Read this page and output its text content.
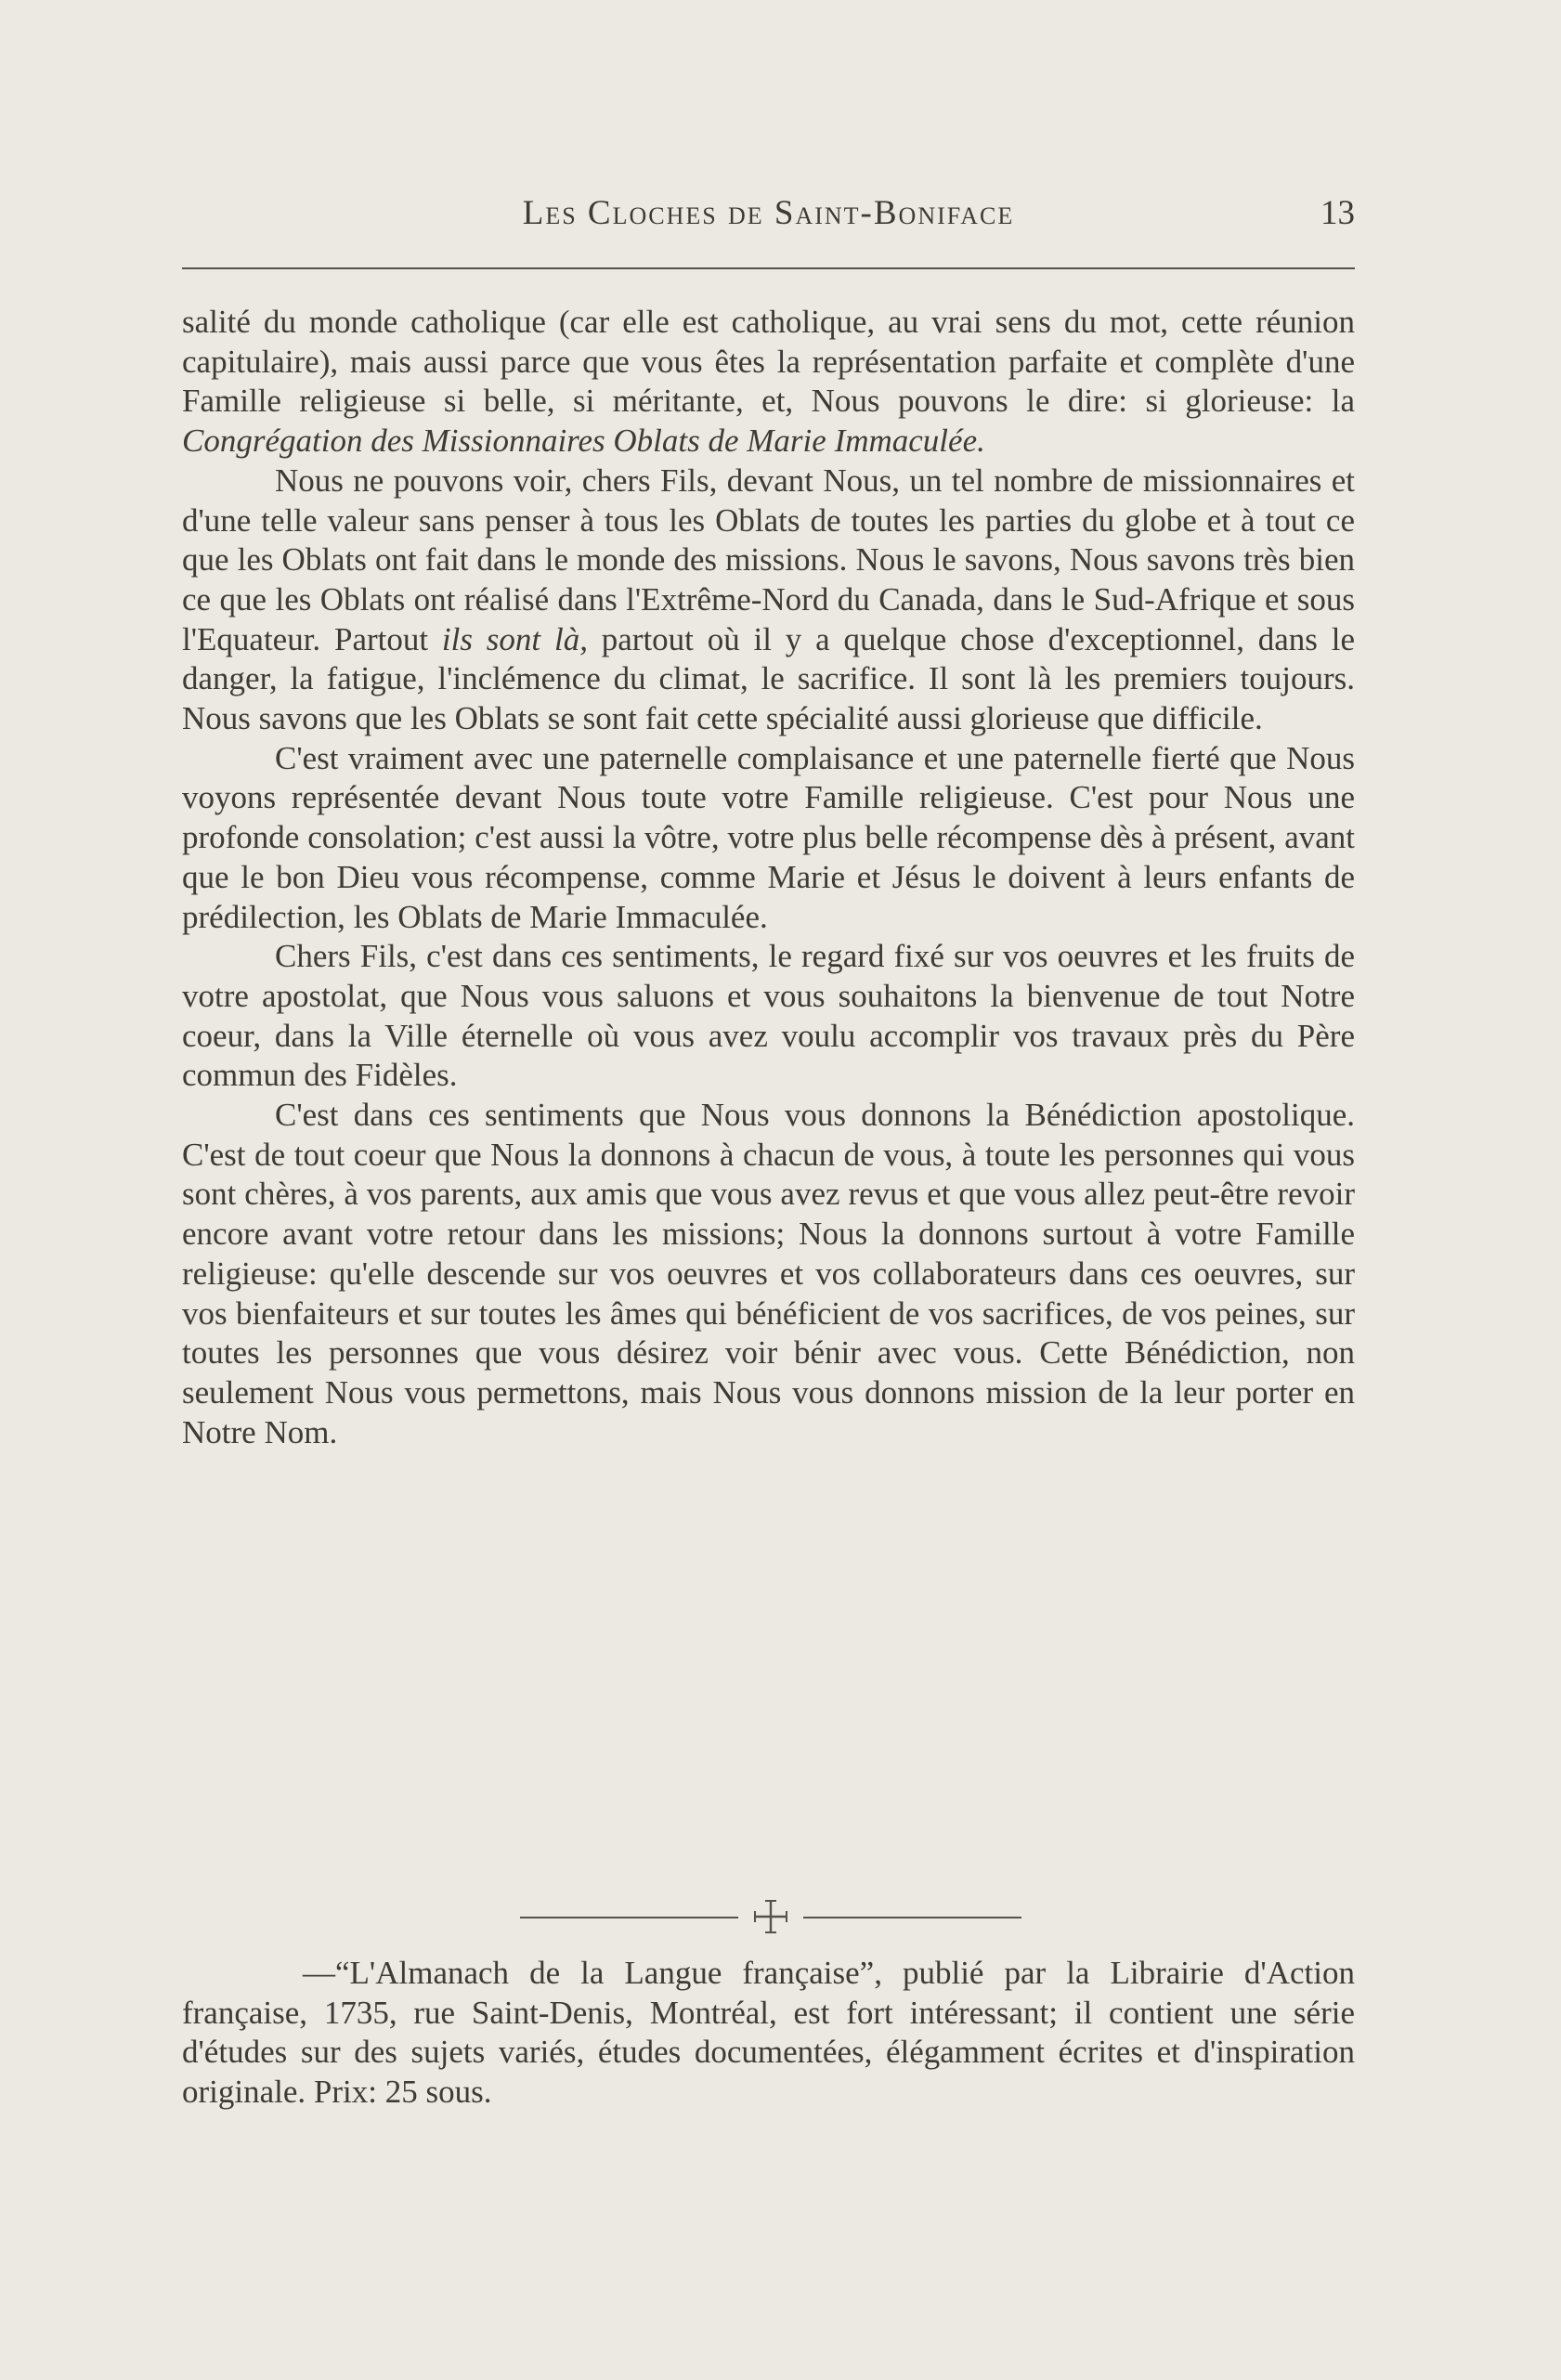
Les Cloches de Saint-Boniface	13

salité du monde catholique (car elle est catholique, au vrai sens du mot, cette réunion capitulaire), mais aussi parce que vous êtes la représentation parfaite et complète d'une Famille religieuse si belle, si méritante, et, Nous pouvons le dire: si glorieuse: la Congrégation des Missionnaires Oblats de Marie Immaculée.

Nous ne pouvons voir, chers Fils, devant Nous, un tel nombre de missionnaires et d'une telle valeur sans penser à tous les Oblats de toutes les parties du globe et à tout ce que les Oblats ont fait dans le monde des missions. Nous le savons, Nous savons très bien ce que les Oblats ont réalisé dans l'Extrême-Nord du Canada, dans le Sud-Afrique et sous l'Equateur. Partout ils sont là, partout où il y a quelque chose d'exceptionnel, dans le danger, la fatigue, l'inclémence du climat, le sacrifice. Il sont là les premiers toujours. Nous savons que les Oblats se sont fait cette spécialité aussi glorieuse que difficile.

C'est vraiment avec une paternelle complaisance et une paternelle fierté que Nous voyons représentée devant Nous toute votre Famille religieuse. C'est pour Nous une profonde consolation; c'est aussi la vôtre, votre plus belle récompense dès à présent, avant que le bon Dieu vous récompense, comme Marie et Jésus le doivent à leurs enfants de prédilection, les Oblats de Marie Immaculée.

Chers Fils, c'est dans ces sentiments, le regard fixé sur vos oeuvres et les fruits de votre apostolat, que Nous vous saluons et vous souhaitons la bienvenue de tout Notre coeur, dans la Ville éternelle où vous avez voulu accomplir vos travaux près du Père commun des Fidèles.

C'est dans ces sentiments que Nous vous donnons la Bénédiction apostolique. C'est de tout coeur que Nous la donnons à chacun de vous, à toute les personnes qui vous sont chères, à vos parents, aux amis que vous avez revus et que vous allez peut-être revoir encore avant votre retour dans les missions; Nous la donnons surtout à votre Famille religieuse: qu'elle descende sur vos oeuvres et vos collaborateurs dans ces oeuvres, sur vos bienfaiteurs et sur toutes les âmes qui bénéficient de vos sacrifices, de vos peines, sur toutes les personnes que vous désirez voir bénir avec vous. Cette Bénédiction, non seulement Nous vous permettons, mais Nous vous donnons mission de la leur porter en Notre Nom.

—“L'Almanach de la Langue française”, publié par la Librairie d'Action française, 1735, rue Saint-Denis, Montréal, est fort intéressant; il contient une série d'études sur des sujets variés, études documentées, élégamment écrites et d'inspiration originale. Prix: 25 sous.
